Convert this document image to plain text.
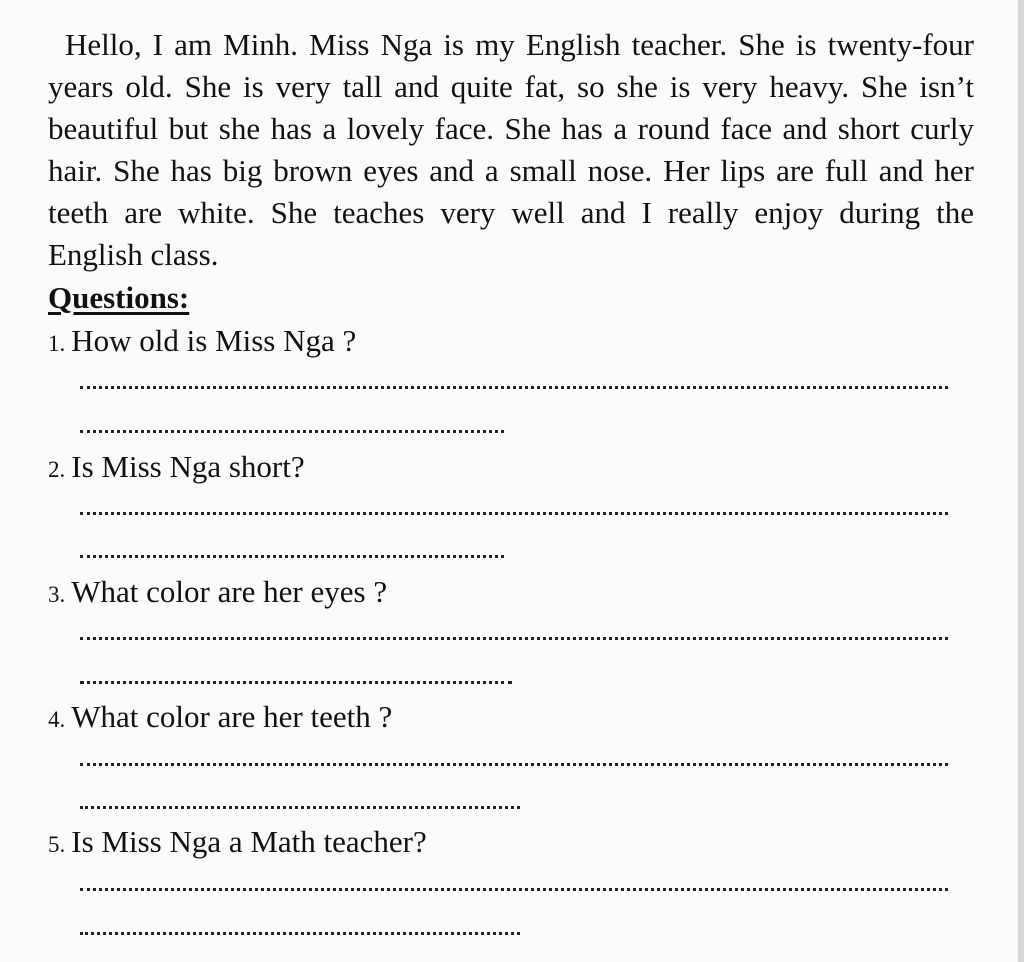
Hello, I am Minh. Miss Nga is my English teacher. She is twenty-four years old. She is very tall and quite fat, so she is very heavy. She isn’t beautiful but she has a lovely face. She has a round face and short curly hair. She has big brown eyes and a small nose. Her lips are full and her teeth are white. She teaches very well and I really enjoy during the English class.

Questions:

1. How old is Miss Nga ?
2. Is Miss Nga short?
3. What color are her eyes ?
4. What color are her teeth ?
5. Is Miss Nga a Math teacher?
